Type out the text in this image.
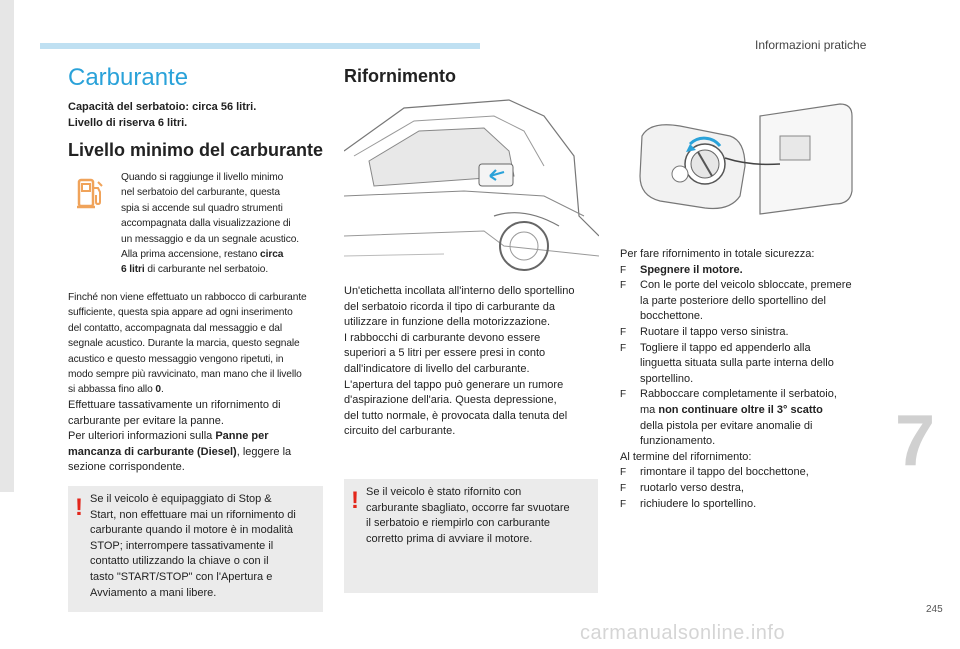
Informazioni pratiche
Carburante
Capacità del serbatoio: circa 56 litri.
Livello di riserva 6 litri.
Livello minimo del carburante
Quando si raggiunge il livello minimo
nel serbatoio del carburante, questa
spia si accende sul quadro strumenti
accompagnata dalla visualizzazione di
un messaggio e da un segnale acustico.
Alla prima accensione, restano circa
6 litri di carburante nel serbatoio.
Finché non viene effettuato un rabbocco di carburante
sufficiente, questa spia appare ad ogni inserimento
del contatto, accompagnata dal messaggio e dal
segnale acustico. Durante la marcia, questo segnale
acustico e questo messaggio vengono ripetuti, in
modo sempre più ravvicinato, man mano che il livello
si abbassa fino allo 0.
Effettuare tassativamente un rifornimento di
carburante per evitare la panne.
Per ulteriori informazioni sulla Panne per
mancanza di carburante (Diesel), leggere la
sezione corrispondente.
! Se il veicolo è equipaggiato di Stop &
Start, non effettuare mai un rifornimento di
carburante quando il motore è in modalità
STOP; interrompere tassativamente il
contatto utilizzando la chiave o con il
tasto "START/STOP" con l'Apertura e
Avviamento a mani libere.
Rifornimento
Un'etichetta incollata all'interno dello sportellino
del serbatoio ricorda il tipo di carburante da
utilizzare in funzione della motorizzazione.
I rabbocchi di carburante devono essere
superiori a 5 litri per essere presi in conto
dall'indicatore di livello del carburante.
L'apertura del tappo può generare un rumore
d'aspirazione dell'aria. Questa depressione,
del tutto normale, è provocata dalla tenuta del
circuito del carburante.
! Se il veicolo è stato rifornito con
carburante sbagliato, occorre far svuotare
il serbatoio e riempirlo con carburante
corretto prima di avviare il motore.
Per fare rifornimento in totale sicurezza:
F Spegnere il motore.
F Con le porte del veicolo sbloccate, premere
la parte posteriore dello sportellino del
bocchettone.
F Ruotare il tappo verso sinistra.
F Togliere il tappo ed appenderlo alla
linguetta situata sulla parte interna dello
sportellino.
F Rabboccare completamente il serbatoio,
ma non continuare oltre il 3° scatto
della pistola per evitare anomalie di
funzionamento.
Al termine del rifornimento:
F rimontare il tappo del bocchettone,
F ruotarlo verso destra,
F richiudere lo sportellino.
7
245
carmanualsonline.info
